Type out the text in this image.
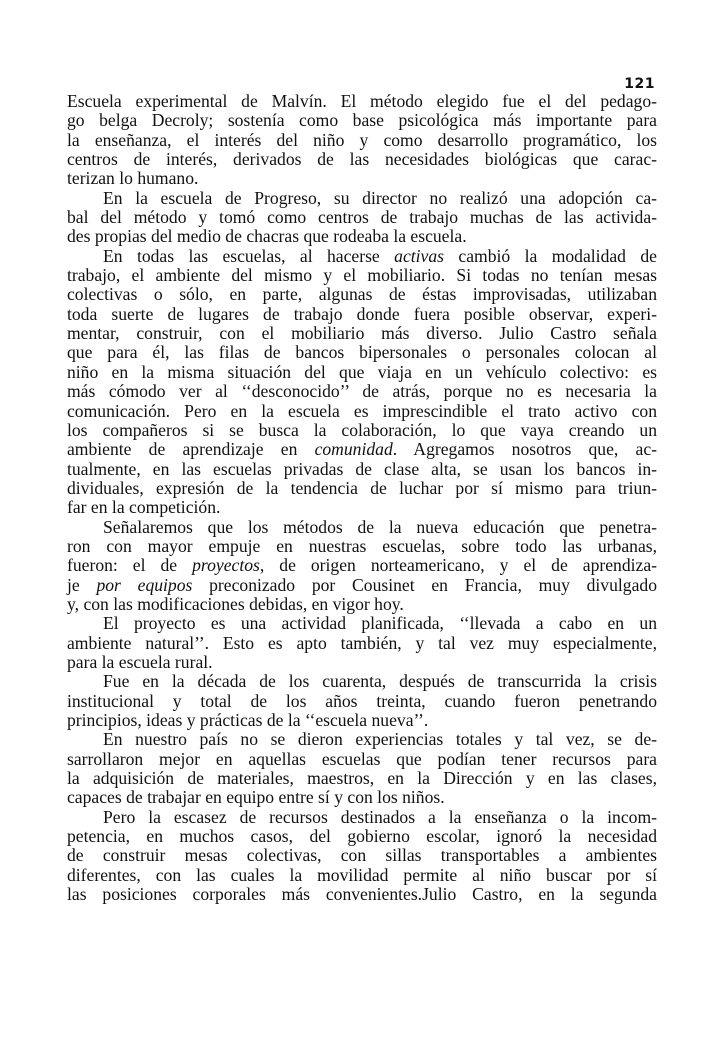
121
Escuela experimental de Malvín. El método elegido fue el del pedago-
go belga Decroly; sostenía como base psicológica más importante para
la enseñanza, el interés del niño y como desarrollo programático, los
centros de interés, derivados de las necesidades biológicas que carac-
terizan lo humano.
En la escuela de Progreso, su director no realizó una adopción ca-
bal del método y tomó como centros de trabajo muchas de las activida-
des propias del medio de chacras que rodeaba la escuela.
En todas las escuelas, al hacerse activas cambió la modalidad de
trabajo, el ambiente del mismo y el mobiliario. Si todas no tenían mesas
colectivas o sólo, en parte, algunas de éstas improvisadas, utilizaban
toda suerte de lugares de trabajo donde fuera posible observar, experi-
mentar, construir, con el mobiliario más diverso. Julio Castro señala
que para él, las filas de bancos bipersonales o personales colocan al
niño en la misma situación del que viaja en un vehículo colectivo: es
más cómodo ver al ‘‘desconocido’’ de atrás, porque no es necesaria la
comunicación. Pero en la escuela es imprescindible el trato activo con
los compañeros si se busca la colaboración, lo que vaya creando un
ambiente de aprendizaje en comunidad. Agregamos nosotros que, ac-
tualmente, en las escuelas privadas de clase alta, se usan los bancos in-
dividuales, expresión de la tendencia de luchar por sí mismo para triun-
far en la competición.
Señalaremos que los métodos de la nueva educación que penetra-
ron con mayor empuje en nuestras escuelas, sobre todo las urbanas,
fueron: el de proyectos, de origen norteamericano, y el de aprendiza-
je por equipos preconizado por Cousinet en Francia, muy divulgado
y, con las modificaciones debidas, en vigor hoy.
El proyecto es una actividad planificada, ‘‘llevada a cabo en un
ambiente natural’’. Esto es apto también, y tal vez muy especialmente,
para la escuela rural.
Fue en la década de los cuarenta, después de transcurrida la crisis
institucional y total de los años treinta, cuando fueron penetrando
principios, ideas y prácticas de la ‘‘escuela nueva’’.
En nuestro país no se dieron experiencias totales y tal vez, se de-
sarrollaron mejor en aquellas escuelas que podían tener recursos para
la adquisición de materiales, maestros, en la Dirección y en las clases,
capaces de trabajar en equipo entre sí y con los niños.
Pero la escasez de recursos destinados a la enseñanza o la incom-
petencia, en muchos casos, del gobierno escolar, ignoró la necesidad
de construir mesas colectivas, con sillas transportables a ambientes
diferentes, con las cuales la movilidad permite al niño buscar por sí
las posiciones corporales más convenientes.Julio Castro, en la segunda
